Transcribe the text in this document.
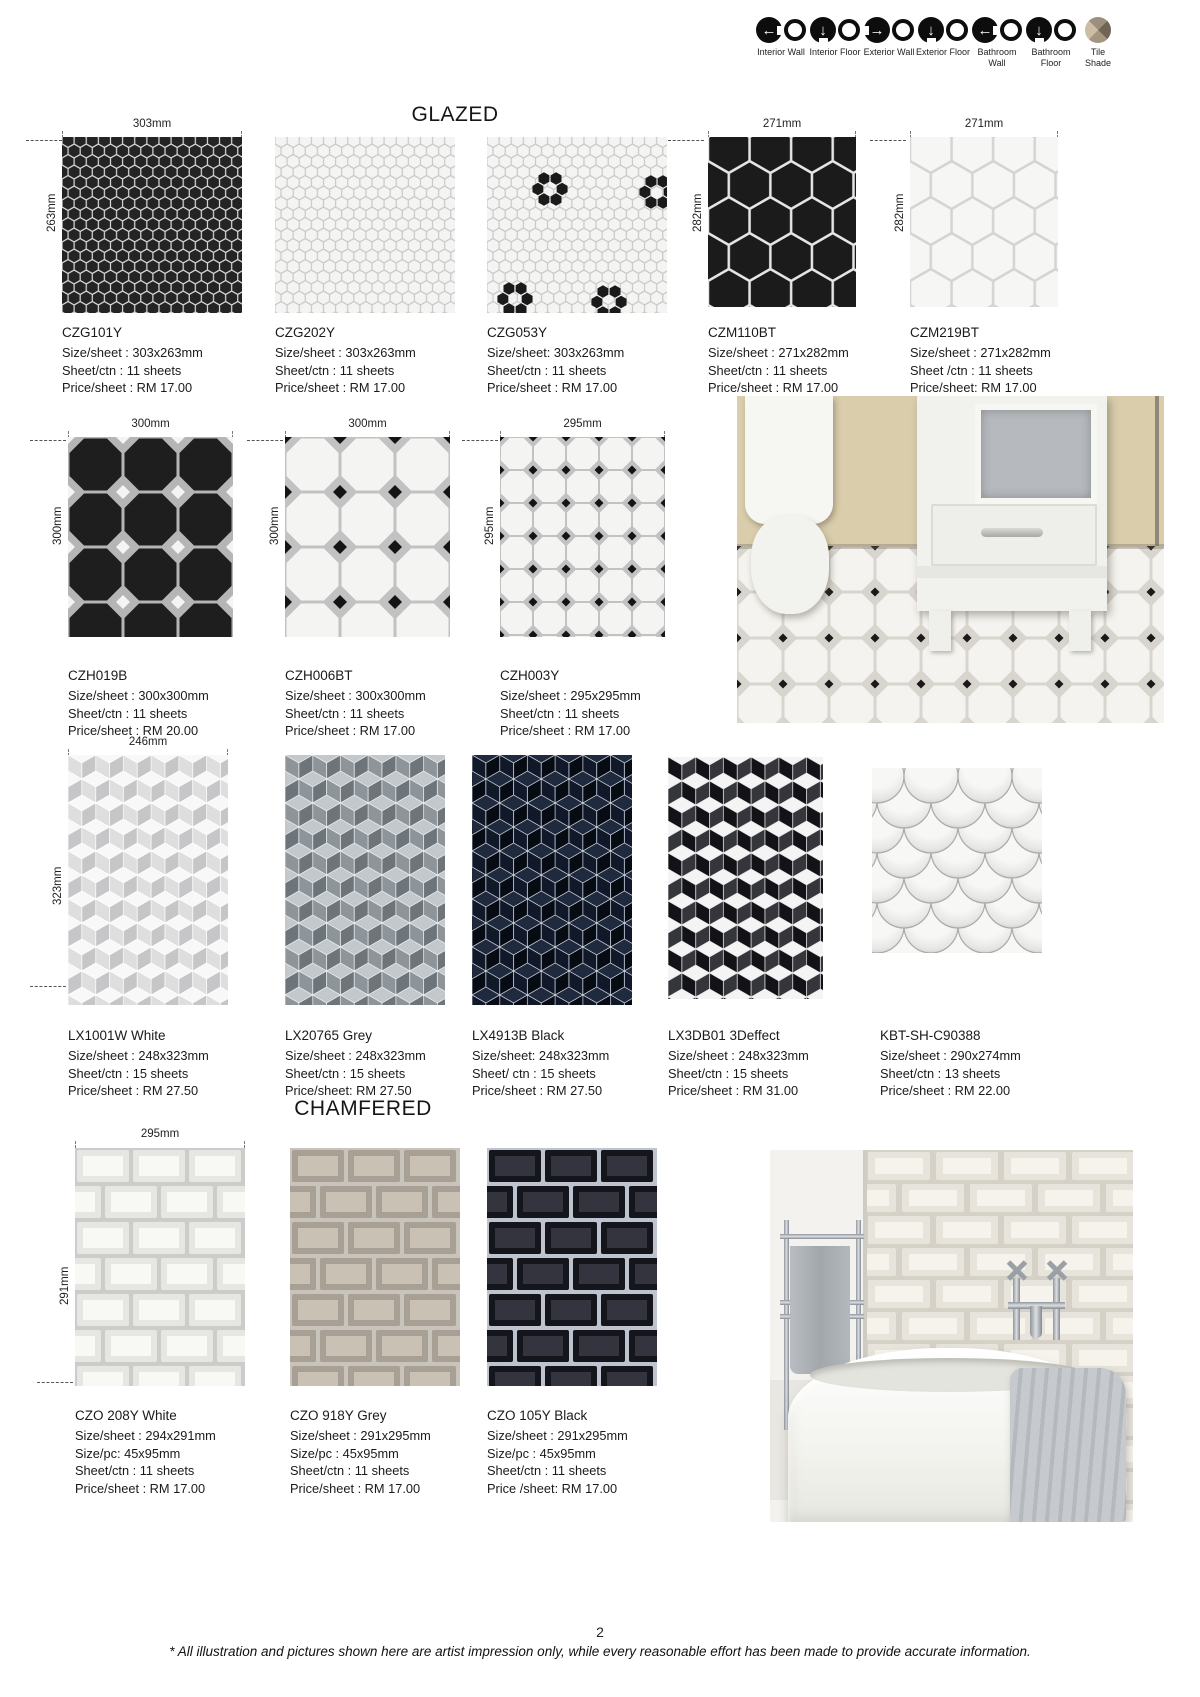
←
Interior Wall
↓
Interior Floor
→
Exterior Wall
↓
Exterior Floor
←
Bathroom Wall
↓
Bathroom Floor
Tile Shade
GLAZED
303mm
263mm
271mm
282mm
271mm
282mm
CZG101Y
Size/sheet : 303x263mm
Sheet/ctn : 11 sheets
Price/sheet : RM 17.00
CZG202Y
Size/sheet : 303x263mm
Sheet/ctn : 11 sheets
Price/sheet : RM 17.00
CZG053Y
Size/sheet: 303x263mm
Sheet/ctn : 11 sheets
Price/sheet : RM 17.00
CZM110BT
Size/sheet : 271x282mm
Sheet/ctn : 11 sheets
Price/sheet : RM 17.00
CZM219BT
Size/sheet : 271x282mm
Sheet /ctn : 11 sheets
Price/sheet: RM 17.00
300mm
300mm
300mm
300mm
295mm
295mm
CZH019B
Size/sheet : 300x300mm
Sheet/ctn : 11 sheets
Price/sheet : RM 20.00
CZH006BT
Size/sheet : 300x300mm
Sheet/ctn : 11 sheets
Price/sheet : RM 17.00
CZH003Y
Size/sheet : 295x295mm
Sheet/ctn : 11 sheets
Price/sheet : RM 17.00
246mm
323mm
LX1001W White
Size/sheet : 248x323mm
Sheet/ctn : 15 sheets
Price/sheet : RM 27.50
LX20765 Grey
Size/sheet : 248x323mm
Sheet/ctn : 15 sheets
Price/sheet: RM 27.50
LX4913B Black
Size/sheet: 248x323mm
Sheet/ ctn : 15 sheets
Price/sheet : RM 27.50
LX3DB01 3Deffect
Size/sheet : 248x323mm
Sheet/ctn : 15 sheets
Price/sheet : RM 31.00
KBT-SH-C90388
Size/sheet : 290x274mm
Sheet/ctn : 13 sheets
Price/sheet : RM 22.00
CHAMFERED
295mm
291mm
CZO 208Y White
Size/sheet : 294x291mm
Size/pc: 45x95mm
Sheet/ctn : 11 sheets
Price/sheet : RM 17.00
CZO 918Y Grey
Size/sheet : 291x295mm
Size/pc : 45x95mm
Sheet/ctn : 11 sheets
Price/sheet : RM 17.00
CZO 105Y Black
Size/sheet : 291x295mm
Size/pc : 45x95mm
Sheet/ctn : 11 sheets
Price /sheet: RM 17.00
2
* All illustration and pictures shown here are artist impression only, while every reasonable effort has been made to provide accurate information.
